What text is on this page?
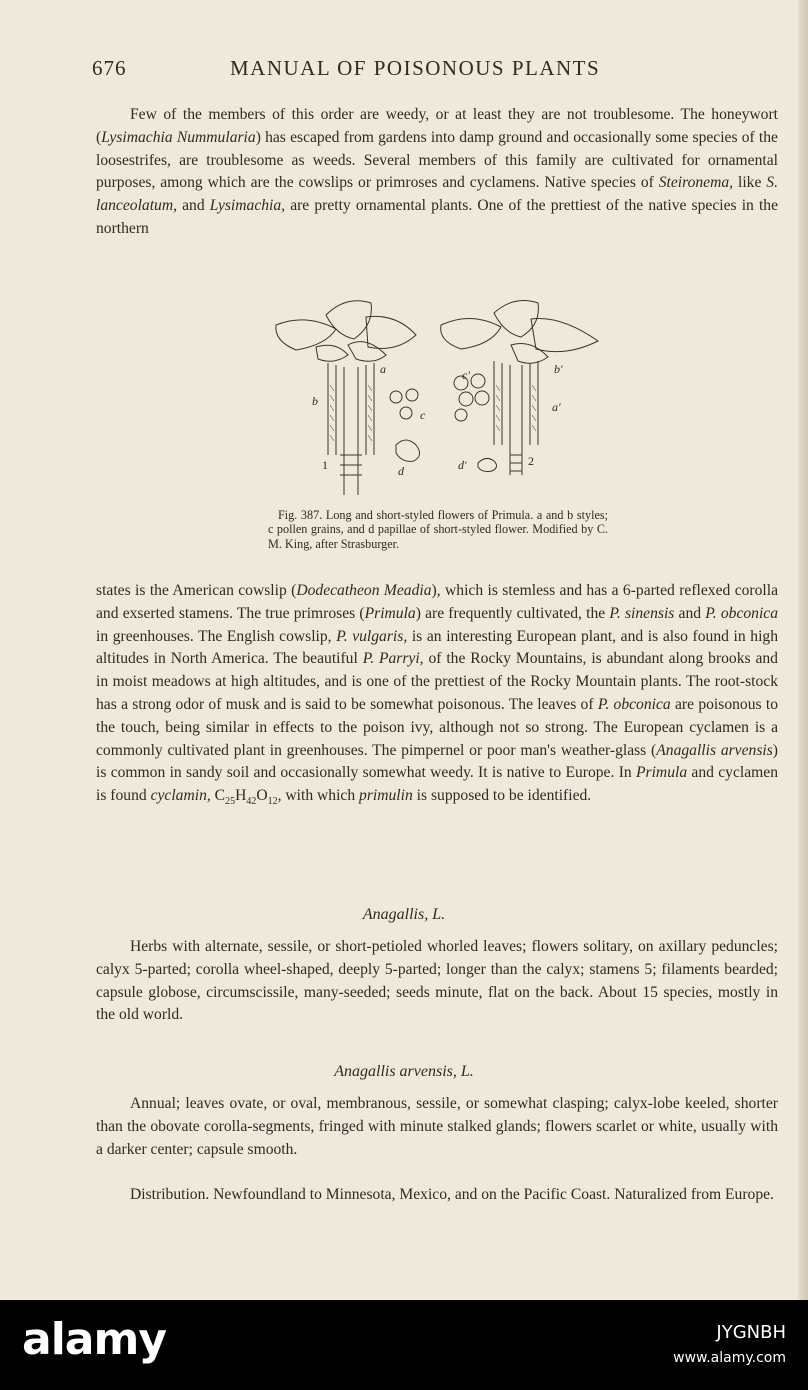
676	MANUAL OF POISONOUS PLANTS
Few of the members of this order are weedy, or at least they are not troublesome. The honeywort (Lysimachia Nummularia) has escaped from gardens into damp ground and occasionally some species of the loosestrifes, are troublesome as weeds. Several members of this family are cultivated for ornamental purposes, among which are the cowslips or primroses and cyclamens. Native species of Steironema, like S. lanceolatum, and Lysimachia, are pretty ornamental plants. One of the prettiest of the native species in the northern
b
a
c
d
1
c'	b'
a'
d'	2
Fig. 387. Long and short-styled flowers of Primula. a and b styles; c pollen grains, and d papillae of short-styled flower. Modified by C. M. King, after Strasburger.
states is the American cowslip (Dodecatheon Meadia), which is stemless and has a 6-parted reflexed corolla and exserted stamens. The true primroses (Primula) are frequently cultivated, the P. sinensis and P. obconica in greenhouses. The English cowslip, P. vulgaris, is an interesting European plant, and is also found in high altitudes in North America. The beautiful P. Parryi, of the Rocky Mountains, is abundant along brooks and in moist meadows at high altitudes, and is one of the prettiest of the Rocky Mountain plants. The root-stock has a strong odor of musk and is said to be somewhat poisonous. The leaves of P. obconica are poisonous to the touch, being similar in effects to the poison ivy, although not so strong. The European cyclamen is a commonly cultivated plant in greenhouses. The pimpernel or poor man's weather-glass (Anagallis arvensis) is common in sandy soil and occasionally somewhat weedy. It is native to Europe. In Primula and cyclamen is found cyclamin, $C_{25}H_{42}O_{12}$, with which primulin is supposed to be identified.
Anagallis, L.
Herbs with alternate, sessile, or short-petioled whorled leaves; flowers solitary, on axillary peduncles; calyx 5-parted; corolla wheel-shaped, deeply 5-parted; longer than the calyx; stamens 5; filaments bearded; capsule globose, circumscissile, many-seeded; seeds minute, flat on the back. About 15 species, mostly in the old world.
Anagallis arvensis, L.
Annual; leaves ovate, or oval, membranous, sessile, or somewhat clasping; calyx-lobe keeled, shorter than the obovate corolla-segments, fringed with minute stalked glands; flowers scarlet or white, usually with a darker center; capsule smooth.
Distribution. Newfoundland to Minnesota, Mexico, and on the Pacific Coast. Naturalized from Europe.
alamy	JYGNBH
www.alamy.com
